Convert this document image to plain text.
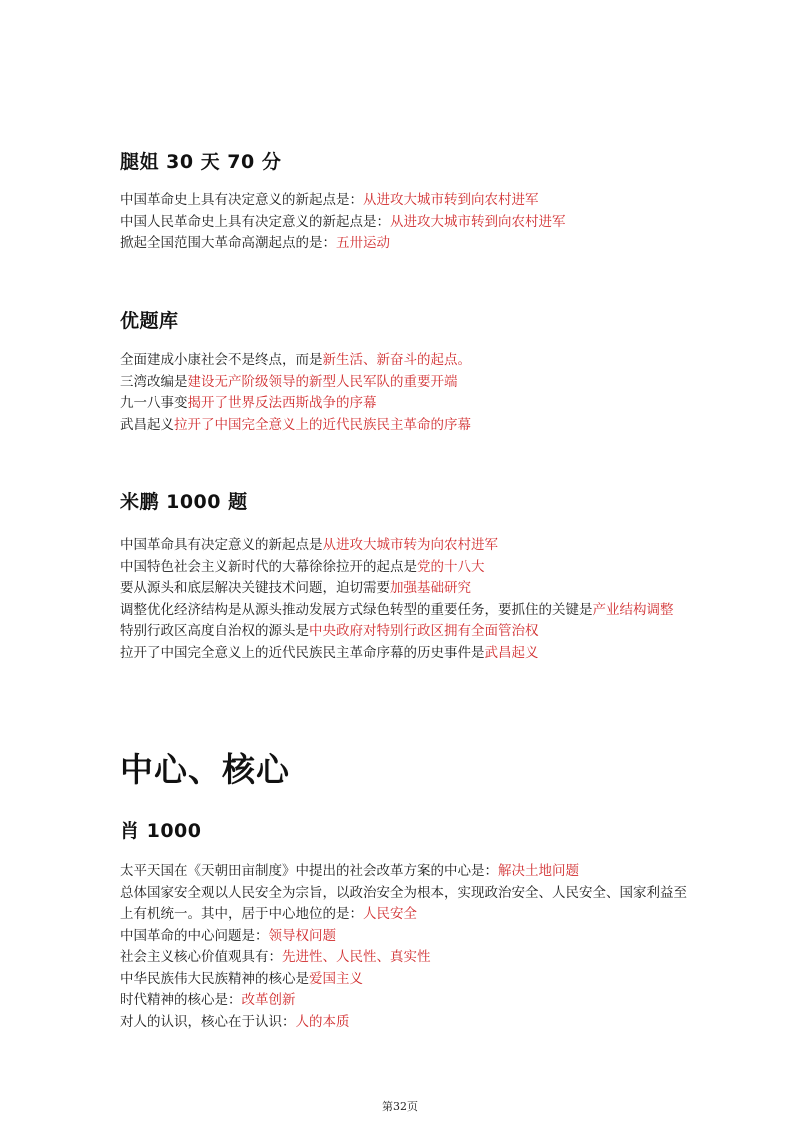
腿姐 30 天 70 分

中国革命史上具有决定意义的新起点是：从进攻大城市转到向农村进军

中国人民革命史上具有决定意义的新起点是：从进攻大城市转到向农村进军

掀起全国范围大革命高潮起点的是：五卅运动

优题库

全面建成小康社会不是终点，而是新生活、新奋斗的起点。

三湾改编是建设无产阶级领导的新型人民军队的重要开端

九一八事变揭开了世界反法西斯战争的序幕

武昌起义拉开了中国完全意义上的近代民族民主革命的序幕

米鹏 1000 题

中国革命具有决定意义的新起点是从进攻大城市转为向农村进军

中国特色社会主义新时代的大幕徐徐拉开的起点是党的十八大

要从源头和底层解决关键技术问题，迫切需要加强基础研究

调整优化经济结构是从源头推动发展方式绿色转型的重要任务，要抓住的关键是产业结构调整

特别行政区高度自治权的源头是中央政府对特别行政区拥有全面管治权

拉开了中国完全意义上的近代民族民主革命序幕的历史事件是武昌起义

中心、核心
肖 1000

太平天国在《天朝田亩制度》中提出的社会改革方案的中心是：解决土地问题

总体国家安全观以人民安全为宗旨，以政治安全为根本，实现政治安全、人民安全、国家利益至上有机统一。其中，居于中心地位的是：人民安全

中国革命的中心问题是：领导权问题

社会主义核心价值观具有：先进性、人民性、真实性

中华民族伟大民族精神的核心是爱国主义

时代精神的核心是：改革创新

对人的认识，核心在于认识：人的本质

第32页
